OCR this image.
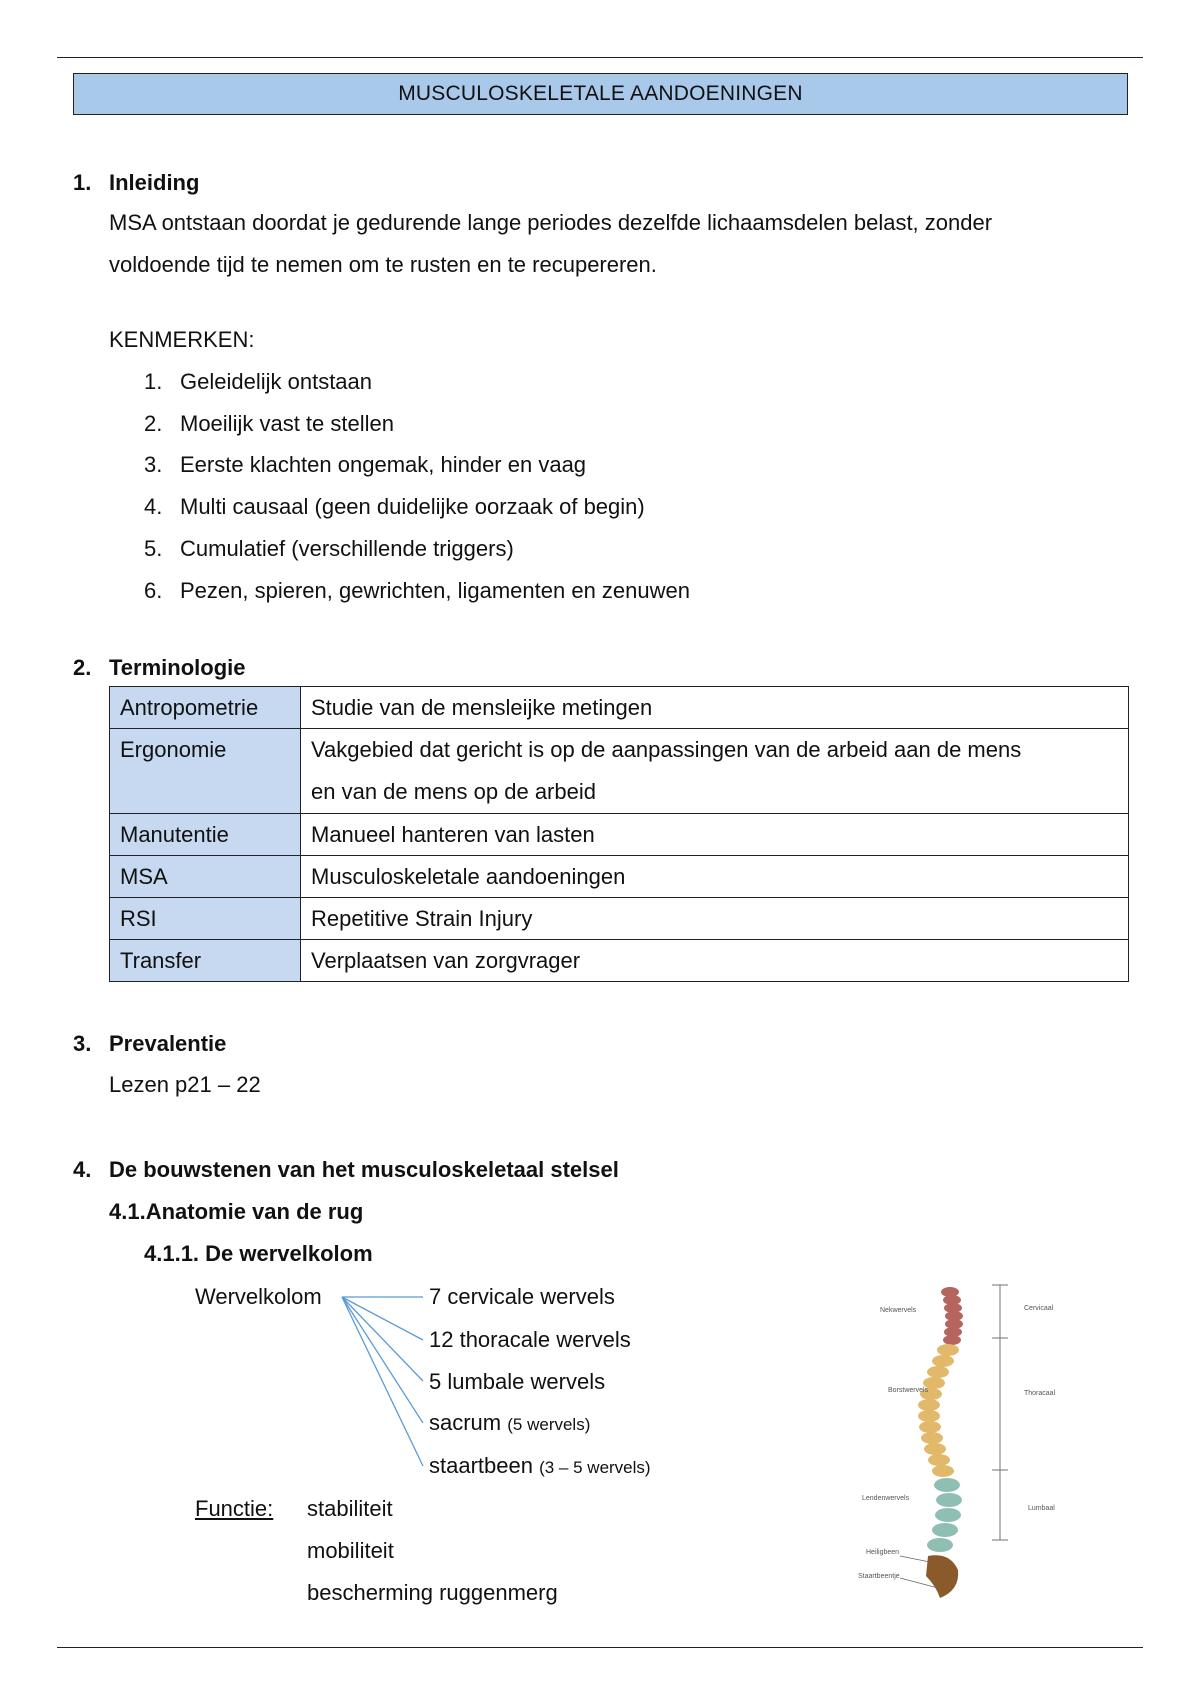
MUSCULOSKELETALE AANDOENINGEN
1. Inleiding
MSA ontstaan doordat je gedurende lange periodes dezelfde lichaamsdelen belast, zonder
voldoende tijd te nemen om te rusten en te recupereren.
KENMERKEN:
1. Geleidelijk ontstaan
2. Moeilijk vast te stellen
3. Eerste klachten ongemak, hinder en vaag
4. Multi causaal (geen duidelijke oorzaak of begin)
5. Cumulatief (verschillende triggers)
6. Pezen, spieren, gewrichten, ligamenten en zenuwen
2. Terminologie
Antropometrie	Studie van de mensleijke metingen
Ergonomie	Vakgebied dat gericht is op de aanpassingen van de arbeid aan de mens
en van de mens op de arbeid

Manutentie	Manueel hanteren van lasten
MSA	Musculoskeletale aandoeningen
RSI	Repetitive Strain Injury
Transfer	Verplaatsen van zorgvrager
3. Prevalentie
Lezen p21 – 22
4. De bouwstenen van het musculoskeletaal stelsel
4.1.Anatomie van de rug
4.1.1. De wervelkolom
Wervelkolom	7 cervicale wervels
12 thoracale wervels
5 lumbale wervels
sacrum (5 wervels)
staartbeen (3 – 5 wervels)
Functie: stabiliteit
mobiliteit
bescherming ruggenmerg
Nekwervels
Borstwervels
Lendenwervels
Heiligbeen
Staartbeentje
Cervicaal
Thoracaal
Lumbaal
